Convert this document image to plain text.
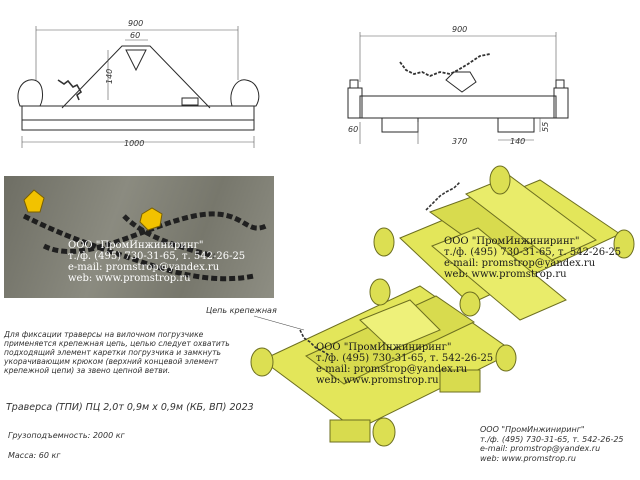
900
60
140
1000
900
60
370	140
55
ООО "ПромИнжиниринг"
т./ф. (495) 730-31-65, т. 542-26-25
e-mail: promstrop@yandex.ru
web: www.promstrop.ru
ООО "ПромИнжиниринг"
т./ф. (495) 730-31-65, т. 542-26-25
e-mail: promstrop@yandex.ru
web: www.promstrop.ru
ООО "ПромИнжиниринг"
т./ф. (495) 730-31-65, т. 542-26-25
e-mail: promstrop@yandex.ru
web: www.promstrop.ru
Цепь крепежная
Для фиксации траверсы на вилочном погрузчике применяется крепежная цепь, цепью следует охватить подходящий элемент каретки погрузчика и замкнуть укорачивающим крюком (верхний концевой элемент крепежной цепи) за звено цепной ветви.
Траверса (ТПИ) ПЦ 2,0т 0,9м х 0,9м (КБ, ВП) 2023
Грузоподъемность: 2000 кг
Масса: 60 кг
ООО "ПромИнжиниринг"
т./ф. (495) 730-31-65, т. 542-26-25
e-mail: promstrop@yandex.ru
web: www.promstrop.ru
